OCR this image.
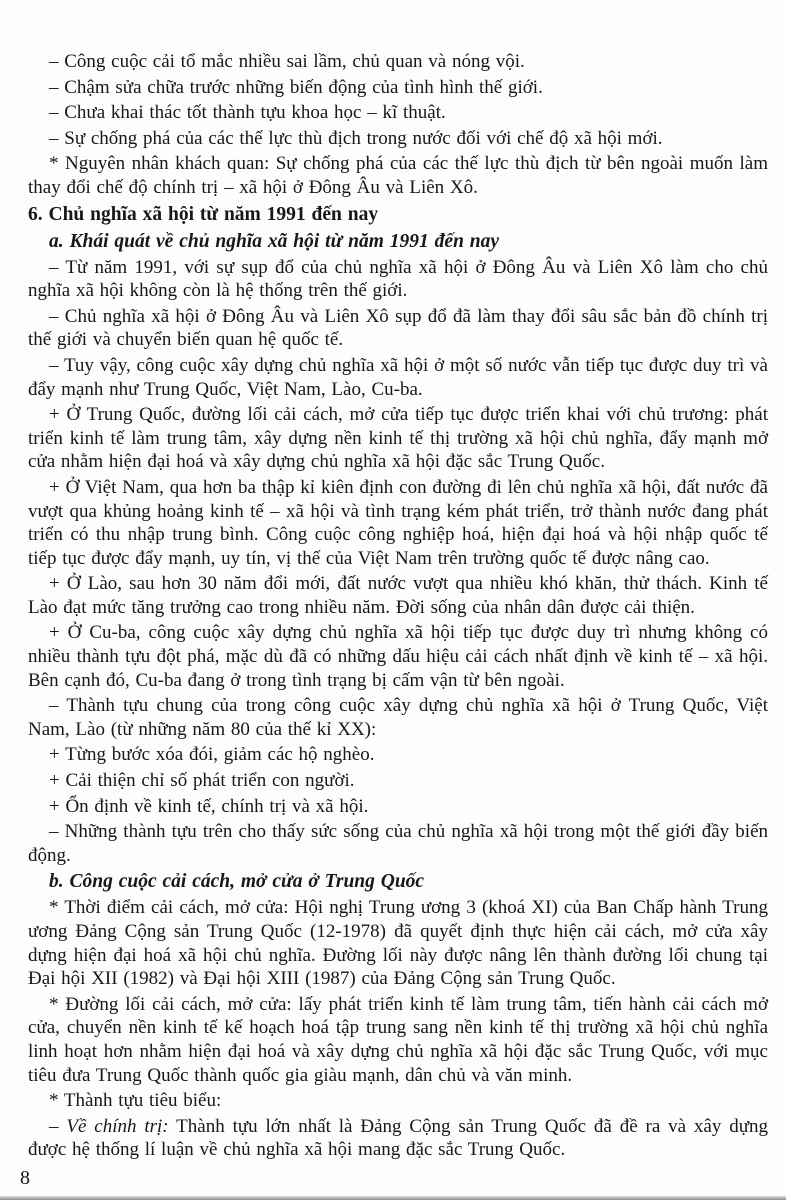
– Công cuộc cải tổ mắc nhiều sai lầm, chủ quan và nóng vội.

– Chậm sửa chữa trước những biến động của tình hình thế giới.

– Chưa khai thác tốt thành tựu khoa học – kĩ thuật.

– Sự chống phá của các thế lực thù địch trong nước đối với chế độ xã hội mới.

* Nguyên nhân khách quan: Sự chống phá của các thế lực thù địch từ bên ngoài muốn làm thay đổi chế độ chính trị – xã hội ở Đông Âu và Liên Xô.

6. Chủ nghĩa xã hội từ năm 1991 đến nay

a. Khái quát về chủ nghĩa xã hội từ năm 1991 đến nay

– Từ năm 1991, với sự sụp đổ của chủ nghĩa xã hội ở Đông Âu và Liên Xô làm cho chủ nghĩa xã hội không còn là hệ thống trên thế giới.

– Chủ nghĩa xã hội ở Đông Âu và Liên Xô sụp đổ đã làm thay đổi sâu sắc bản đồ chính trị thế giới và chuyển biến quan hệ quốc tế.

– Tuy vậy, công cuộc xây dựng chủ nghĩa xã hội ở một số nước vẫn tiếp tục được duy trì và đẩy mạnh như Trung Quốc, Việt Nam, Lào, Cu-ba.

+ Ở Trung Quốc, đường lối cải cách, mở cửa tiếp tục được triển khai với chủ trương: phát triển kinh tế làm trung tâm, xây dựng nền kinh tế thị trường xã hội chủ nghĩa, đẩy mạnh mở cửa nhằm hiện đại hoá và xây dựng chủ nghĩa xã hội đặc sắc Trung Quốc.

+ Ở Việt Nam, qua hơn ba thập kỉ kiên định con đường đi lên chủ nghĩa xã hội, đất nước đã vượt qua khủng hoảng kinh tế – xã hội và tình trạng kém phát triển, trở thành nước đang phát triển có thu nhập trung bình. Công cuộc công nghiệp hoá, hiện đại hoá và hội nhập quốc tế tiếp tục được đẩy mạnh, uy tín, vị thế của Việt Nam trên trường quốc tế được nâng cao.

+ Ở Lào, sau hơn 30 năm đổi mới, đất nước vượt qua nhiều khó khăn, thử thách. Kinh tế Lào đạt mức tăng trưởng cao trong nhiều năm. Đời sống của nhân dân được cải thiện.

+ Ở Cu-ba, công cuộc xây dựng chủ nghĩa xã hội tiếp tục được duy trì nhưng không có nhiều thành tựu đột phá, mặc dù đã có những dấu hiệu cải cách nhất định về kinh tế – xã hội. Bên cạnh đó, Cu-ba đang ở trong tình trạng bị cấm vận từ bên ngoài.

– Thành tựu chung của trong công cuộc xây dựng chủ nghĩa xã hội ở Trung Quốc, Việt Nam, Lào (từ những năm 80 của thế kỉ XX):

+ Từng bước xóa đói, giảm các hộ nghèo.

+ Cải thiện chỉ số phát triển con người.

+ Ổn định về kinh tế, chính trị và xã hội.

– Những thành tựu trên cho thấy sức sống của chủ nghĩa xã hội trong một thế giới đầy biến động.

b. Công cuộc cải cách, mở cửa ở Trung Quốc

* Thời điểm cải cách, mở cửa: Hội nghị Trung ương 3 (khoá XI) của Ban Chấp hành Trung ương Đảng Cộng sản Trung Quốc (12-1978) đã quyết định thực hiện cải cách, mở cửa xây dựng hiện đại hoá xã hội chủ nghĩa. Đường lối này được nâng lên thành đường lối chung tại Đại hội XII (1982) và Đại hội XIII (1987) của Đảng Cộng sản Trung Quốc.

* Đường lối cải cách, mở cửa: lấy phát triển kinh tế làm trung tâm, tiến hành cải cách mở cửa, chuyển nền kinh tế kế hoạch hoá tập trung sang nền kinh tế thị trường xã hội chủ nghĩa linh hoạt hơn nhằm hiện đại hoá và xây dựng chủ nghĩa xã hội đặc sắc Trung Quốc, với mục tiêu đưa Trung Quốc thành quốc gia giàu mạnh, dân chủ và văn minh.

* Thành tựu tiêu biểu:

– Về chính trị: Thành tựu lớn nhất là Đảng Cộng sản Trung Quốc đã đề ra và xây dựng được hệ thống lí luận về chủ nghĩa xã hội mang đặc sắc Trung Quốc.

8
